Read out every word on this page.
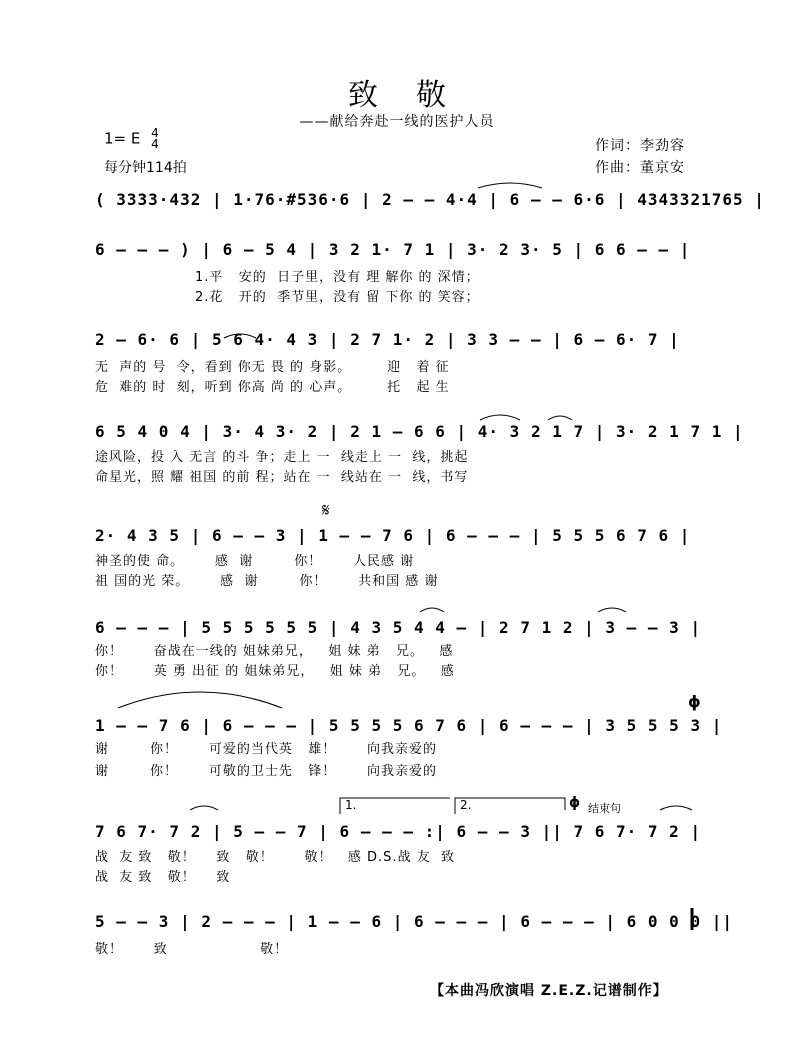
致敬
——献给奔赴一线的医护人员
1= E 4
4
每分钟114拍
作词：李劲容
作曲：董京安
1.	2.
𝄋
ɸ
ɸ 结束句
( 3333·432 | 1·76·#536·6 | 2 — — 4·4 | 6 — — 6·6 | 4343321765 |
6 — — — ) | 6 — 5 4 | 3 2 1· 7 1 | 3· 2 3· 5 | 6 6 — — |
1.平   安的  日子里，没有 理 解你 的 深情；
2.花   开的  季节里，没有 留 下你 的 笑容；
2 — 6· 6 | 5 6 4· 4 3 | 2 7 1· 2 | 3 3 — — | 6 — 6· 7 |
无  声的 号  令，看到 你无 畏 的 身影。       迎   着 征
危  难的 时  刻，听到 你高 尚 的 心声。       托   起 生
6 5 4 0 4 | 3· 4 3· 2 | 2 1 — 6 6 | 4· 3 2 1 7 | 3· 2 1 7 1 |
途风险，投 入 无言 的斗 争；走上 一  线走上 一  线，挑起
命星光，照 耀 祖国 的前 程；站在 一  线站在 一  线，书写
2· 4 3 5 | 6 — — 3 | 1 — — 7 6 | 6 — — — | 5 5 5 6 7 6 |
神圣的使 命。      感  谢        你！      人民感 谢
祖 国的光 荣。      感  谢        你！      共和国 感 谢
6 — — — | 5 5 5 5 5 5 | 4 3 5 4 4 — | 2 7 1 2 | 3 — — 3 |
你！      奋战在一线的 姐妹弟兄，   姐 妹 弟   兄。   感
你！      英 勇 出征 的 姐妹弟兄，   姐 妹 弟   兄。   感
1 — — 7 6 | 6 — — — | 5 5 5 5 6 7 6 | 6 — — — | 3 5 5 5 3 |
谢        你！      可爱的当代英   雄！      向我亲爱的
谢        你！      可敬的卫士先   锋！      向我亲爱的
7 6 7· 7 2 | 5 — — 7 | 6 — — — :| 6 — — 3 || 7 6 7· 7 2 |
战  友 致   敬！    致   敬！      敬！   感 D.S.战 友  致
战  友 致   敬！    致
5 — — 3 | 2 — — — | 1 — — 6 | 6 — — — | 6 — — — | 6 0 0 0 ||
敬！      致                  敬！
【本曲冯欣演唱 Z.E.Z.记谱制作】
